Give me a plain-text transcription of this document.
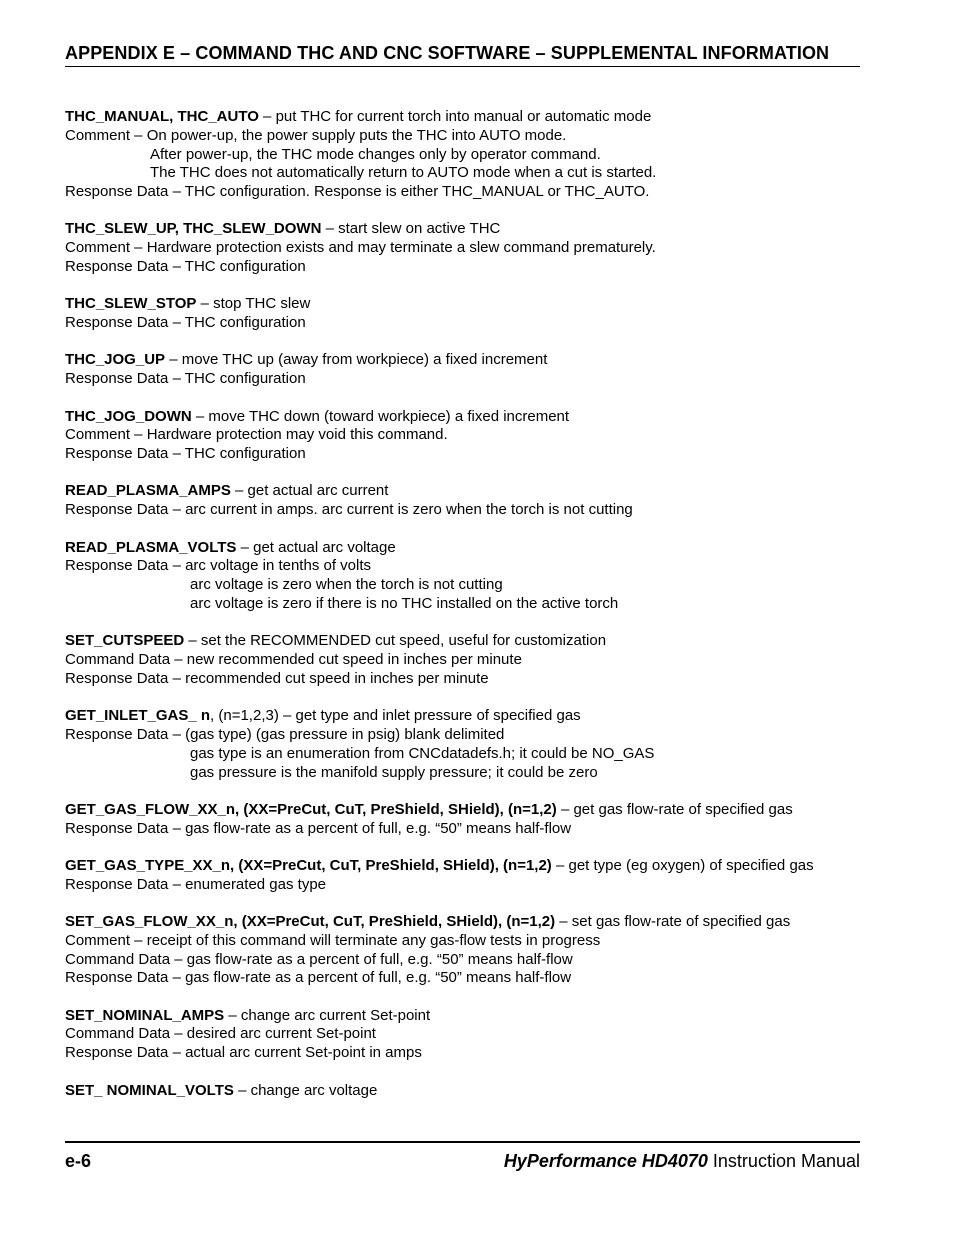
APPENDIX E – COMMAND THC AND CNC SOFTWARE – SUPPLEMENTAL INFORMATION
THC_MANUAL, THC_AUTO – put THC for current torch into manual or automatic mode
Comment – On power-up, the power supply puts the THC into AUTO mode.
After power-up, the THC mode changes only by operator command.
The THC does not automatically return to AUTO mode when a cut is started.
Response Data – THC configuration. Response is either THC_MANUAL or THC_AUTO.
THC_SLEW_UP, THC_SLEW_DOWN – start slew on active THC
Comment – Hardware protection exists and may terminate a slew command prematurely.
Response Data – THC configuration
THC_SLEW_STOP – stop THC slew
Response Data – THC configuration
THC_JOG_UP – move THC up (away from workpiece) a fixed increment
Response Data – THC configuration
THC_JOG_DOWN – move THC down (toward workpiece) a fixed increment
Comment – Hardware protection may void this command.
Response Data – THC configuration
READ_PLASMA_AMPS – get actual arc current
Response Data – arc current in amps. arc current is zero when the torch is not cutting
READ_PLASMA_VOLTS – get actual arc voltage
Response Data – arc voltage in tenths of volts
arc voltage is zero when the torch is not cutting
arc voltage is zero if there is no THC installed on the active torch
SET_CUTSPEED – set the RECOMMENDED cut speed, useful for customization
Command Data – new recommended cut speed in inches per minute
Response Data – recommended cut speed in inches per minute
GET_INLET_GAS_ n, (n=1,2,3) – get type and inlet pressure of specified gas
Response Data – (gas type) (gas pressure in psig) blank delimited
gas type is an enumeration from CNCdatadefs.h; it could be NO_GAS
gas pressure is the manifold supply pressure; it could be zero
GET_GAS_FLOW_XX_n, (XX=PreCut, CuT, PreShield, SHield), (n=1,2) – get gas flow-rate of specified gas
Response Data – gas flow-rate as a percent of full, e.g. “50” means half-flow
GET_GAS_TYPE_XX_n, (XX=PreCut, CuT, PreShield, SHield), (n=1,2) – get type (eg oxygen) of specified gas
Response Data – enumerated gas type
SET_GAS_FLOW_XX_n, (XX=PreCut, CuT, PreShield, SHield), (n=1,2) – set gas flow-rate of specified gas
Comment – receipt of this command will terminate any gas-flow tests in progress
Command Data – gas flow-rate as a percent of full, e.g. “50” means half-flow
Response Data – gas flow-rate as a percent of full, e.g. “50” means half-flow
SET_NOMINAL_AMPS – change arc current Set-point
Command Data – desired arc current Set-point
Response Data – actual arc current Set-point in amps
SET_ NOMINAL_VOLTS – change arc voltage
e-6	HyPerformance HD4070 Instruction Manual
